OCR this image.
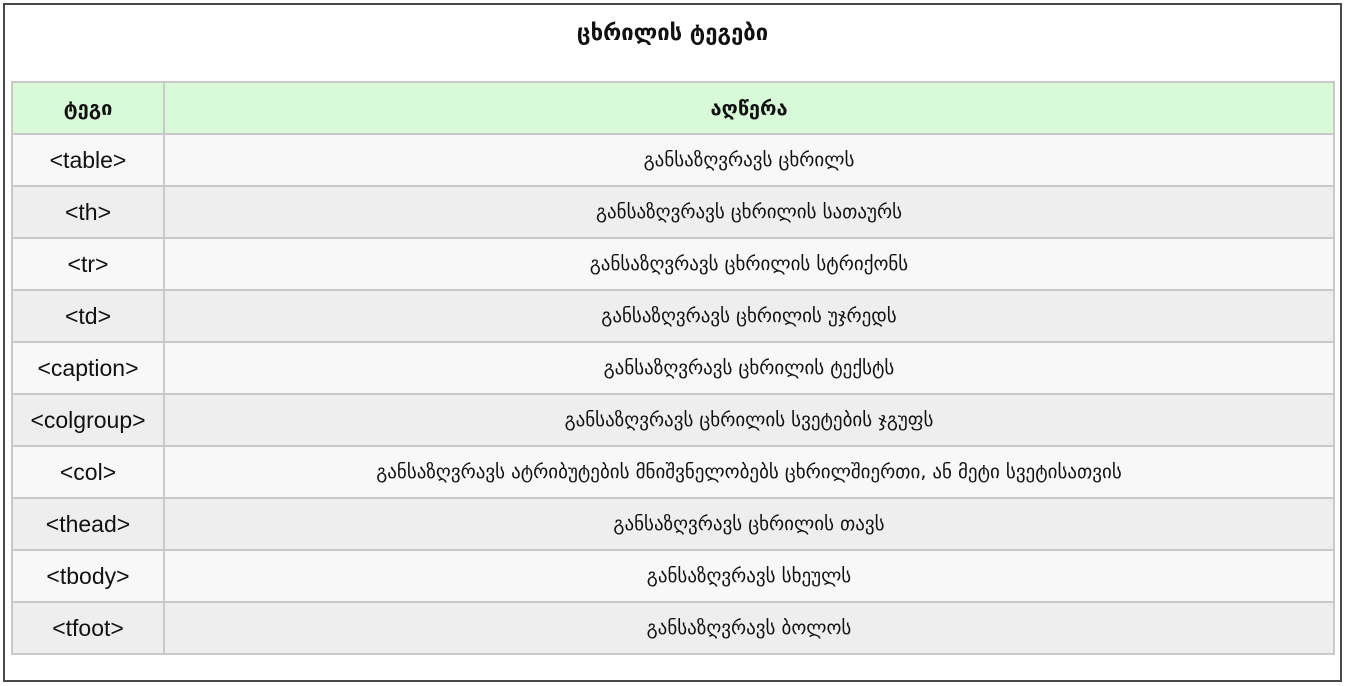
ცხრილის ტეგები
ტეგი	აღწერა
<table>	განსაზღვრავს ცხრილს
<th>	განსაზღვრავს ცხრილის სათაურს
<tr>	განსაზღვრავს ცხრილის სტრიქონს
<td>	განსაზღვრავს ცხრილის უჯრედს
<caption>	განსაზღვრავს ცხრილის ტექსტს
<colgroup>	განსაზღვრავს ცხრილის სვეტების ჯგუფს
<col>	განსაზღვრავს ატრიბუტების მნიშვნელობებს ცხრილშიერთი, ან მეტი სვეტისათვის
<thead>	განსაზღვრავს ცხრილის თავს
<tbody>	განსაზღვრავს სხეულს
<tfoot>	განსაზღვრავს ბოლოს
